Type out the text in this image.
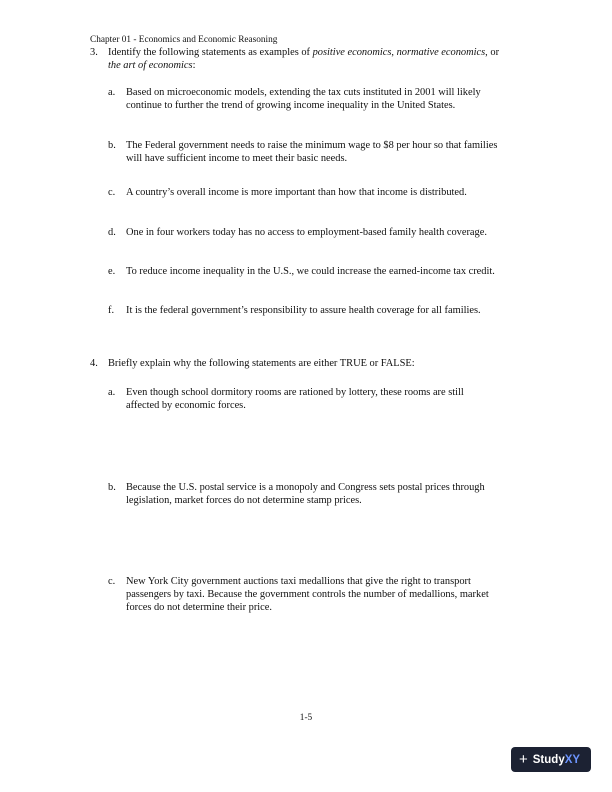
Chapter 01 - Economics and Economic Reasoning
3. Identify the following statements as examples of positive economics, normative economics, or
the art of economics:
a. Based on microeconomic models, extending the tax cuts instituted in 2001 will likely
continue to further the trend of growing income inequality in the United States.
b. The Federal government needs to raise the minimum wage to $8 per hour so that families
will have sufficient income to meet their basic needs.
c. A country’s overall income is more important than how that income is distributed.
d. One in four workers today has no access to employment-based family health coverage.
e. To reduce income inequality in the U.S., we could increase the earned-income tax credit.
f. It is the federal government’s responsibility to assure health coverage for all families.
4. Briefly explain why the following statements are either TRUE or FALSE:
a. Even though school dormitory rooms are rationed by lottery, these rooms are still
affected by economic forces.
b. Because the U.S. postal service is a monopoly and Congress sets postal prices through
legislation, market forces do not determine stamp prices.
c. New York City government auctions taxi medallions that give the right to transport
passengers by taxi. Because the government controls the number of medallions, market
forces do not determine their price.
1-5
+ Study XY
